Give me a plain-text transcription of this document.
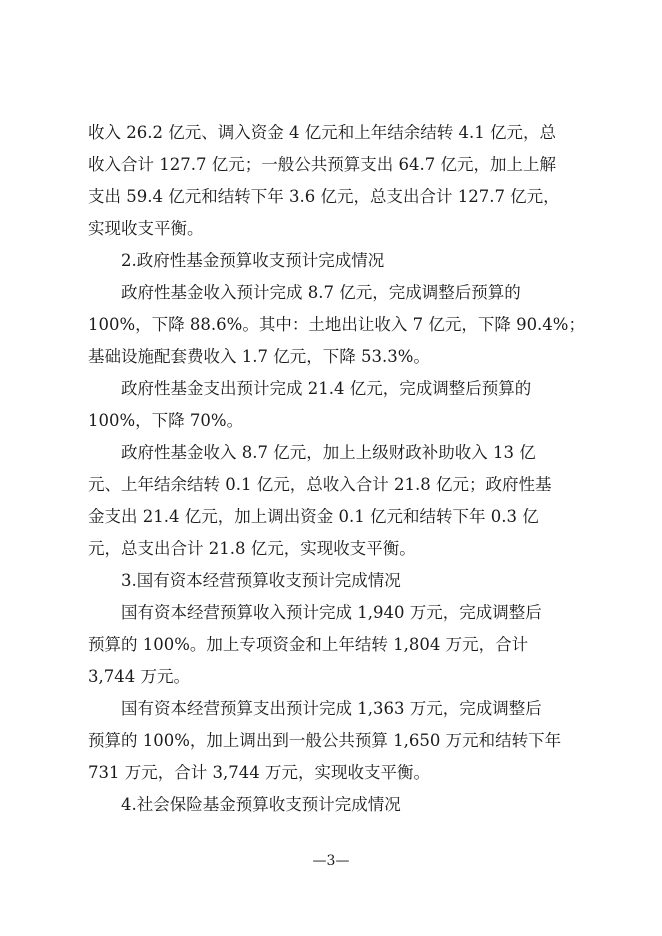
收入 26.2 亿元、调入资金 4 亿元和上年结余结转 4.1 亿元，总
收入合计 127.7 亿元；一般公共预算支出 64.7 亿元，加上上解
支出 59.4 亿元和结转下年 3.6 亿元，总支出合计 127.7 亿元，
实现收支平衡。
2.政府性基金预算收支预计完成情况
政府性基金收入预计完成 8.7 亿元，完成调整后预算的
100%，下降 88.6%。其中：土地出让收入 7 亿元，下降 90.4%；
基础设施配套费收入 1.7 亿元，下降 53.3%。
政府性基金支出预计完成 21.4 亿元，完成调整后预算的
100%，下降 70%。
政府性基金收入 8.7 亿元，加上上级财政补助收入 13 亿
元、上年结余结转 0.1 亿元，总收入合计 21.8 亿元；政府性基
金支出 21.4 亿元，加上调出资金 0.1 亿元和结转下年 0.3 亿
元，总支出合计 21.8 亿元，实现收支平衡。
3.国有资本经营预算收支预计完成情况
国有资本经营预算收入预计完成 1,940 万元，完成调整后
预算的 100%。加上专项资金和上年结转 1,804 万元，合计
3,744 万元。
国有资本经营预算支出预计完成 1,363 万元，完成调整后
预算的 100%，加上调出到一般公共预算 1,650 万元和结转下年
731 万元，合计 3,744 万元，实现收支平衡。
4.社会保险基金预算收支预计完成情况
—3—
